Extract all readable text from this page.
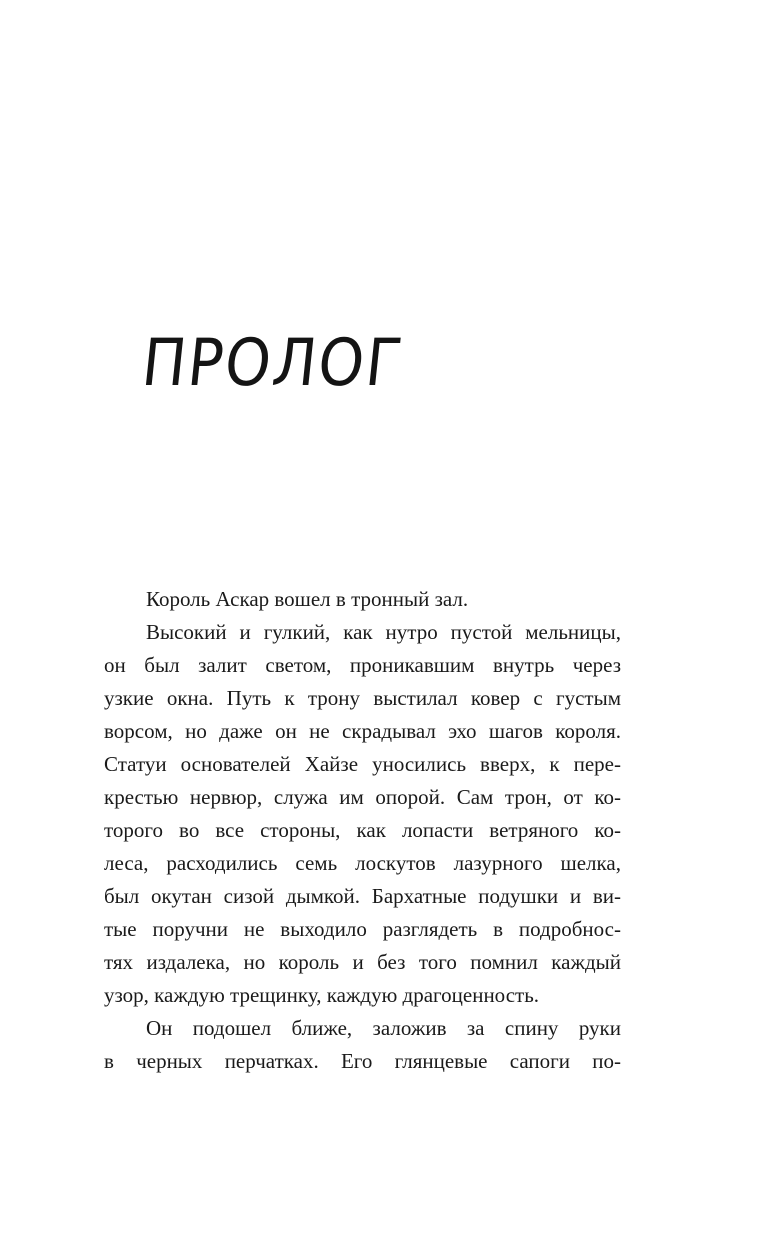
ПРОЛОГ
Король Аскар вошел в тронный зал.
Высокий и гулкий, как нутро пустой мельницы,
он был залит светом, проникавшим внутрь через
узкие окна. Путь к трону выстилал ковер с густым
ворсом, но даже он не скрадывал эхо шагов короля.
Статуи основателей Хайзе уносились вверх, к пере-
крестью нервюр, служа им опорой. Сам трон, от ко-
торого во все стороны, как лопасти ветряного ко-
леса, расходились семь лоскутов лазурного шелка,
был окутан сизой дымкой. Бархатные подушки и ви-
тые поручни не выходило разглядеть в подробнос-
тях издалека, но король и без того помнил каждый
узор, каждую трещинку, каждую драгоценность.
Он подошел ближе, заложив за спину руки
в черных перчатках. Его глянцевые сапоги по-
